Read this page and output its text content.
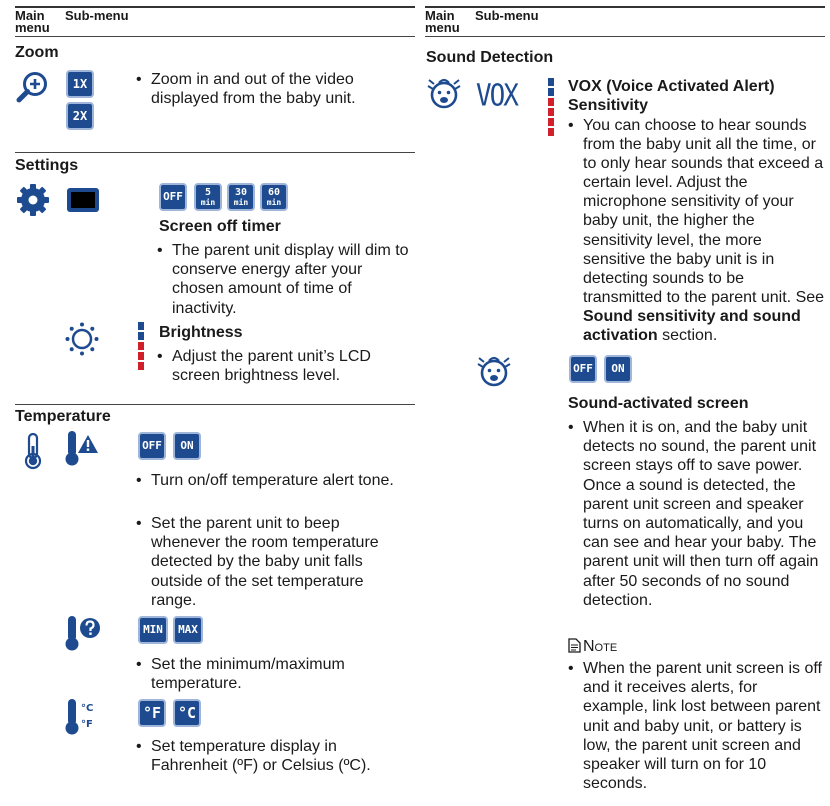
Main
menu
Sub-menu
Zoom
1X
2X
• Zoom in and out of the video displayed from the baby unit.
Settings
OFF	5
min
30
min
60
min
Screen off timer
• The parent unit display will dim to conserve energy after your chosen amount of time of inactivity.
Brightness
• Adjust the parent unit’s LCD screen brightness level.
Temperature
OFF	ON
• Turn on/off temperature alert tone.
• Set the parent unit to beep whenever the room temperature detected by the baby unit falls outside of the set temperature range.
MIN	MAX
• Set the minimum/maximum temperature.
°C
°F
°F	°C
• Set temperature display in Fahrenheit (ºF) or Celsius (ºC).
Main
menu
Sub-menu
Sound Detection
VOX	VOX (Voice Activated Alert)
Sensitivity
• You can choose to hear sounds from the baby unit all the time, or to only hear sounds that exceed a certain level. Adjust the microphone sensitivity of your baby unit, the higher the sensitivity level, the more sensitive the baby unit is in detecting sounds to be transmitted to the parent unit. See Sound sensitivity and sound activation section.
OFF	ON
Sound-activated screen
• When it is on, and the baby unit detects no sound, the parent unit screen stays off to save power. Once a sound is detected, the parent unit screen and speaker turns on automatically, and you can see and hear your baby. The parent unit will then turn off again after 50 seconds of no sound detection.
Note
• When the parent unit screen is off and it receives alerts, for example, link lost between parent unit and baby unit, or battery is low, the parent unit screen and speaker will turn on for 10 seconds.
